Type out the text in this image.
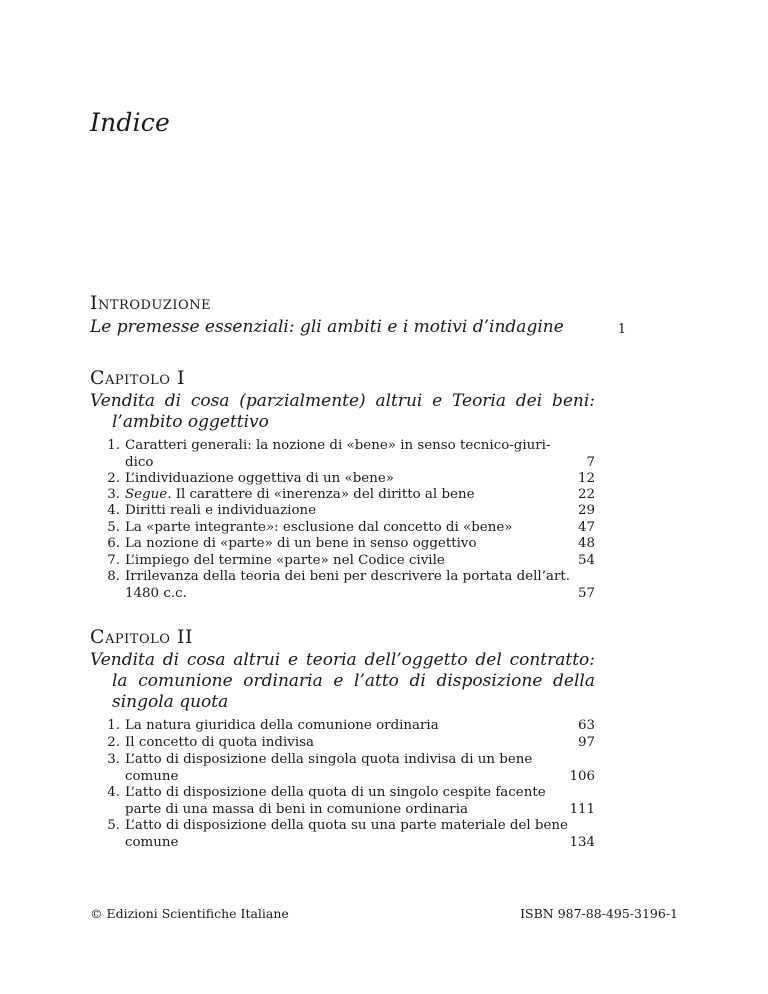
Indice
Introduzione
Le premesse essenziali: gli ambiti e i motivi d’indagine	1
Capitolo I
Vendita di cosa (parzialmente) altrui e Teoria dei beni:
l’ambito oggettivo
1. Caratteri generali: la nozione di «bene» in senso tecnico-giuri-
dico	7
2. L’individuazione oggettiva di un «bene»	12
3. Segue. Il carattere di «inerenza» del diritto al bene	22
4. Diritti reali e individuazione	29
5. La «parte integrante»: esclusione dal concetto di «bene»	47
6. La nozione di «parte» di un bene in senso oggettivo	48
7. L’impiego del termine «parte» nel Codice civile	54
8. Irrilevanza della teoria dei beni per descrivere la portata dell’art.
1480 c.c.	57
Capitolo II
Vendita di cosa altrui e teoria dell’oggetto del contratto:
la comunione ordinaria e l’atto di disposizione della
singola quota
1. La natura giuridica della comunione ordinaria	63
2. Il concetto di quota indivisa	97
3. L’atto di disposizione della singola quota indivisa di un bene
comune	106
4. L’atto di disposizione della quota di un singolo cespite facente
parte di una massa di beni in comunione ordinaria	111
5. L’atto di disposizione della quota su una parte materiale del bene
comune	134
© Edizioni Scientifiche Italiane	ISBN 987-88-495-3196-1
